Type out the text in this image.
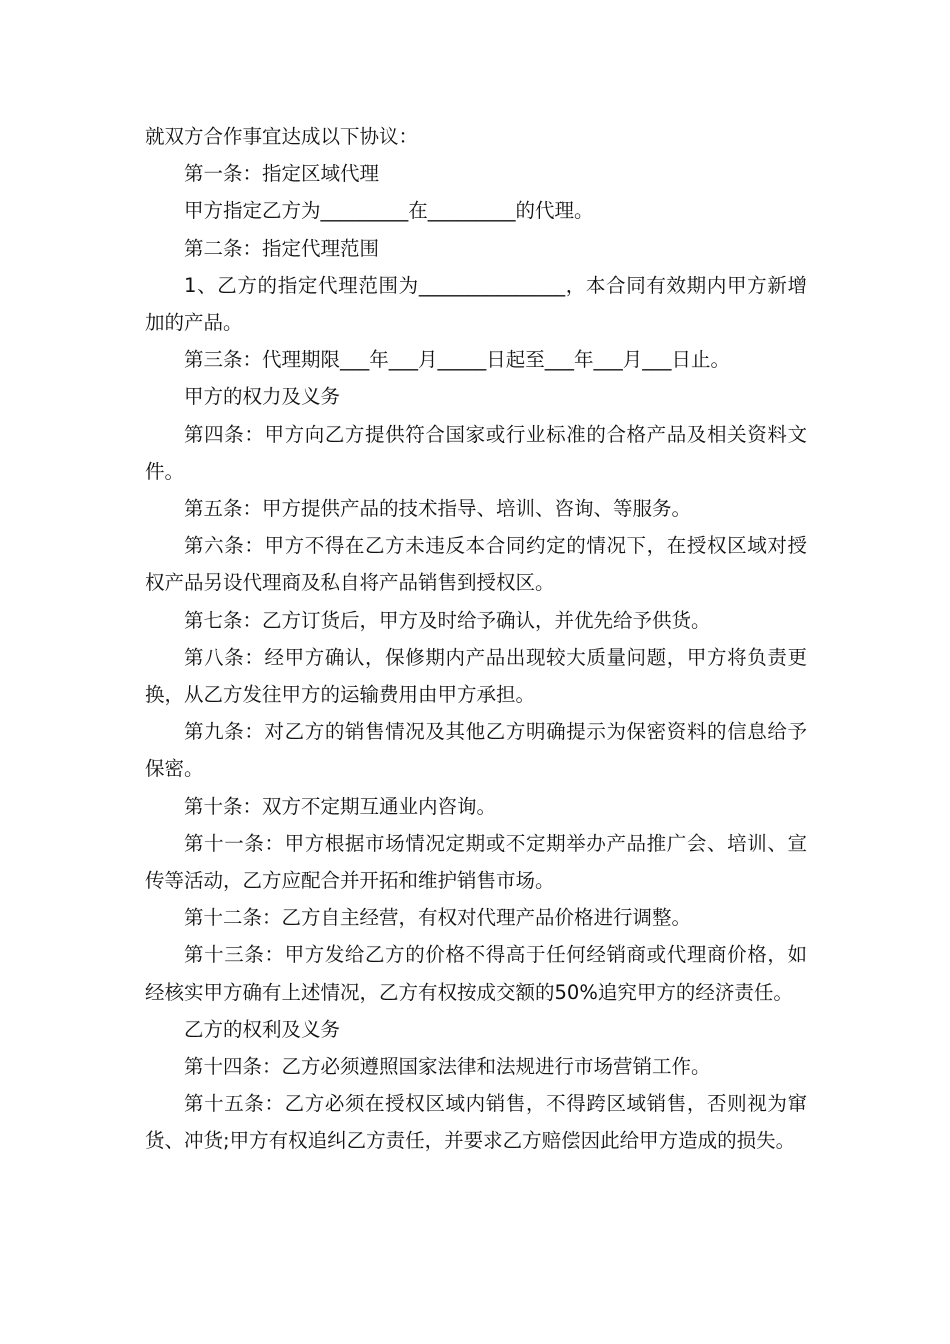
就双方合作事宜达成以下协议：

第一条：指定区域代理

甲方指定乙方为_________在_________的代理。

第二条：指定代理范围

1、乙方的指定代理范围为_______________，本合同有效期内甲方新增加的产品。

第三条：代理期限___年___月_____日起至___年___月___日止。

甲方的权力及义务

第四条：甲方向乙方提供符合国家或行业标准的合格产品及相关资料文件。

第五条：甲方提供产品的技术指导、培训、咨询、等服务。

第六条：甲方不得在乙方未违反本合同约定的情况下，在授权区域对授权产品另设代理商及私自将产品销售到授权区。

第七条：乙方订货后，甲方及时给予确认，并优先给予供货。

第八条：经甲方确认，保修期内产品出现较大质量问题，甲方将负责更换，从乙方发往甲方的运输费用由甲方承担。

第九条：对乙方的销售情况及其他乙方明确提示为保密资料的信息给予保密。

第十条：双方不定期互通业内咨询。

第十一条：甲方根据市场情况定期或不定期举办产品推广会、培训、宣传等活动，乙方应配合并开拓和维护销售市场。

第十二条：乙方自主经营，有权对代理产品价格进行调整。

第十三条：甲方发给乙方的价格不得高于任何经销商或代理商价格，如经核实甲方确有上述情况，乙方有权按成交额的50%追究甲方的经济责任。

乙方的权利及义务

第十四条：乙方必须遵照国家法律和法规进行市场营销工作。

第十五条：乙方必须在授权区域内销售，不得跨区域销售，否则视为窜货、冲货;甲方有权追纠乙方责任，并要求乙方赔偿因此给甲方造成的损失。
